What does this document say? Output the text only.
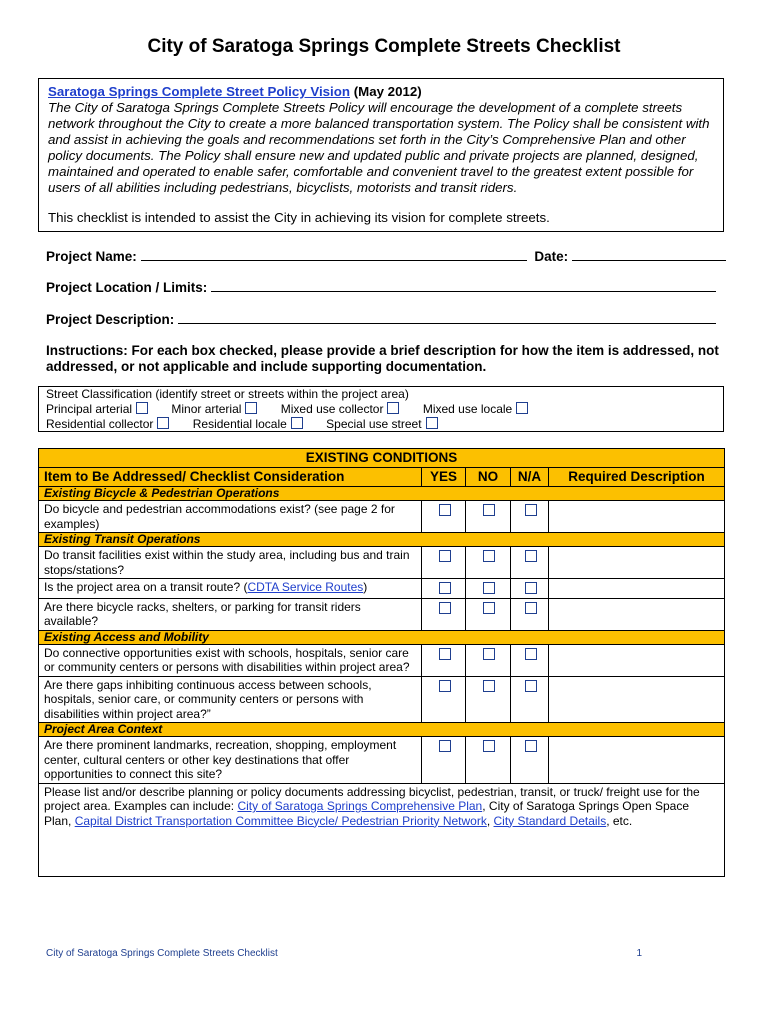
City of Saratoga Springs Complete Streets Checklist
Saratoga Springs Complete Street Policy Vision (May 2012)
The City of Saratoga Springs Complete Streets Policy will encourage the development of a complete streets network throughout the City to create a more balanced transportation system. The Policy shall be consistent with and assist in achieving the goals and recommendations set forth in the City’s Comprehensive Plan and other policy documents. The Policy shall ensure new and updated public and private projects are planned, designed, maintained and operated to enable safer, comfortable and convenient travel to the greatest extent possible for users of all abilities including pedestrians, bicyclists, motorists and transit riders.
This checklist is intended to assist the City in achieving its vision for complete streets.
Project Name:	Date:
Project Location / Limits:
Project Description:
Instructions: For each box checked, please provide a brief description for how the item is addressed, not addressed, or not applicable and include supporting documentation.
Street Classification (identify street or streets within the project area)
Principal arterial	Minor arterial	Mixed use collector	Mixed use locale
Residential collector	Residential locale	Special use street
EXISTING CONDITIONS				
Item to Be Addressed/ Checklist Consideration	YES	NO	N/A	Required Description
Existing Bicycle & Pedestrian Operations				
Do bicycle and pedestrian accommodations exist? (see page 2 for examples)				
Existing Transit Operations				
Do transit facilities exist within the study area, including bus and train stops/stations?				
Is the project area on a transit route? (CDTA Service Routes)				
Are there bicycle racks, shelters, or parking for transit riders available?				
Existing Access and Mobility				
Do connective opportunities exist with schools, hospitals, senior care or community centers or persons with disabilities within project area?				
Are there gaps inhibiting continuous access between schools, hospitals, senior care, or community centers or persons with disabilities within project area?”				
Project Area Context				
Are there prominent landmarks, recreation, shopping, employment center, cultural centers or other key destinations that offer opportunities to connect this site?				
Please list and/or describe planning or policy documents addressing bicyclist, pedestrian, transit, or truck/ freight use for the project area. Examples can include: City of Saratoga Springs Comprehensive Plan, City of Saratoga Springs Open Space Plan, Capital District Transportation Committee Bicycle/ Pedestrian Priority Network, City Standard Details, etc.				
City of Saratoga Springs Complete Streets Checklist	1
